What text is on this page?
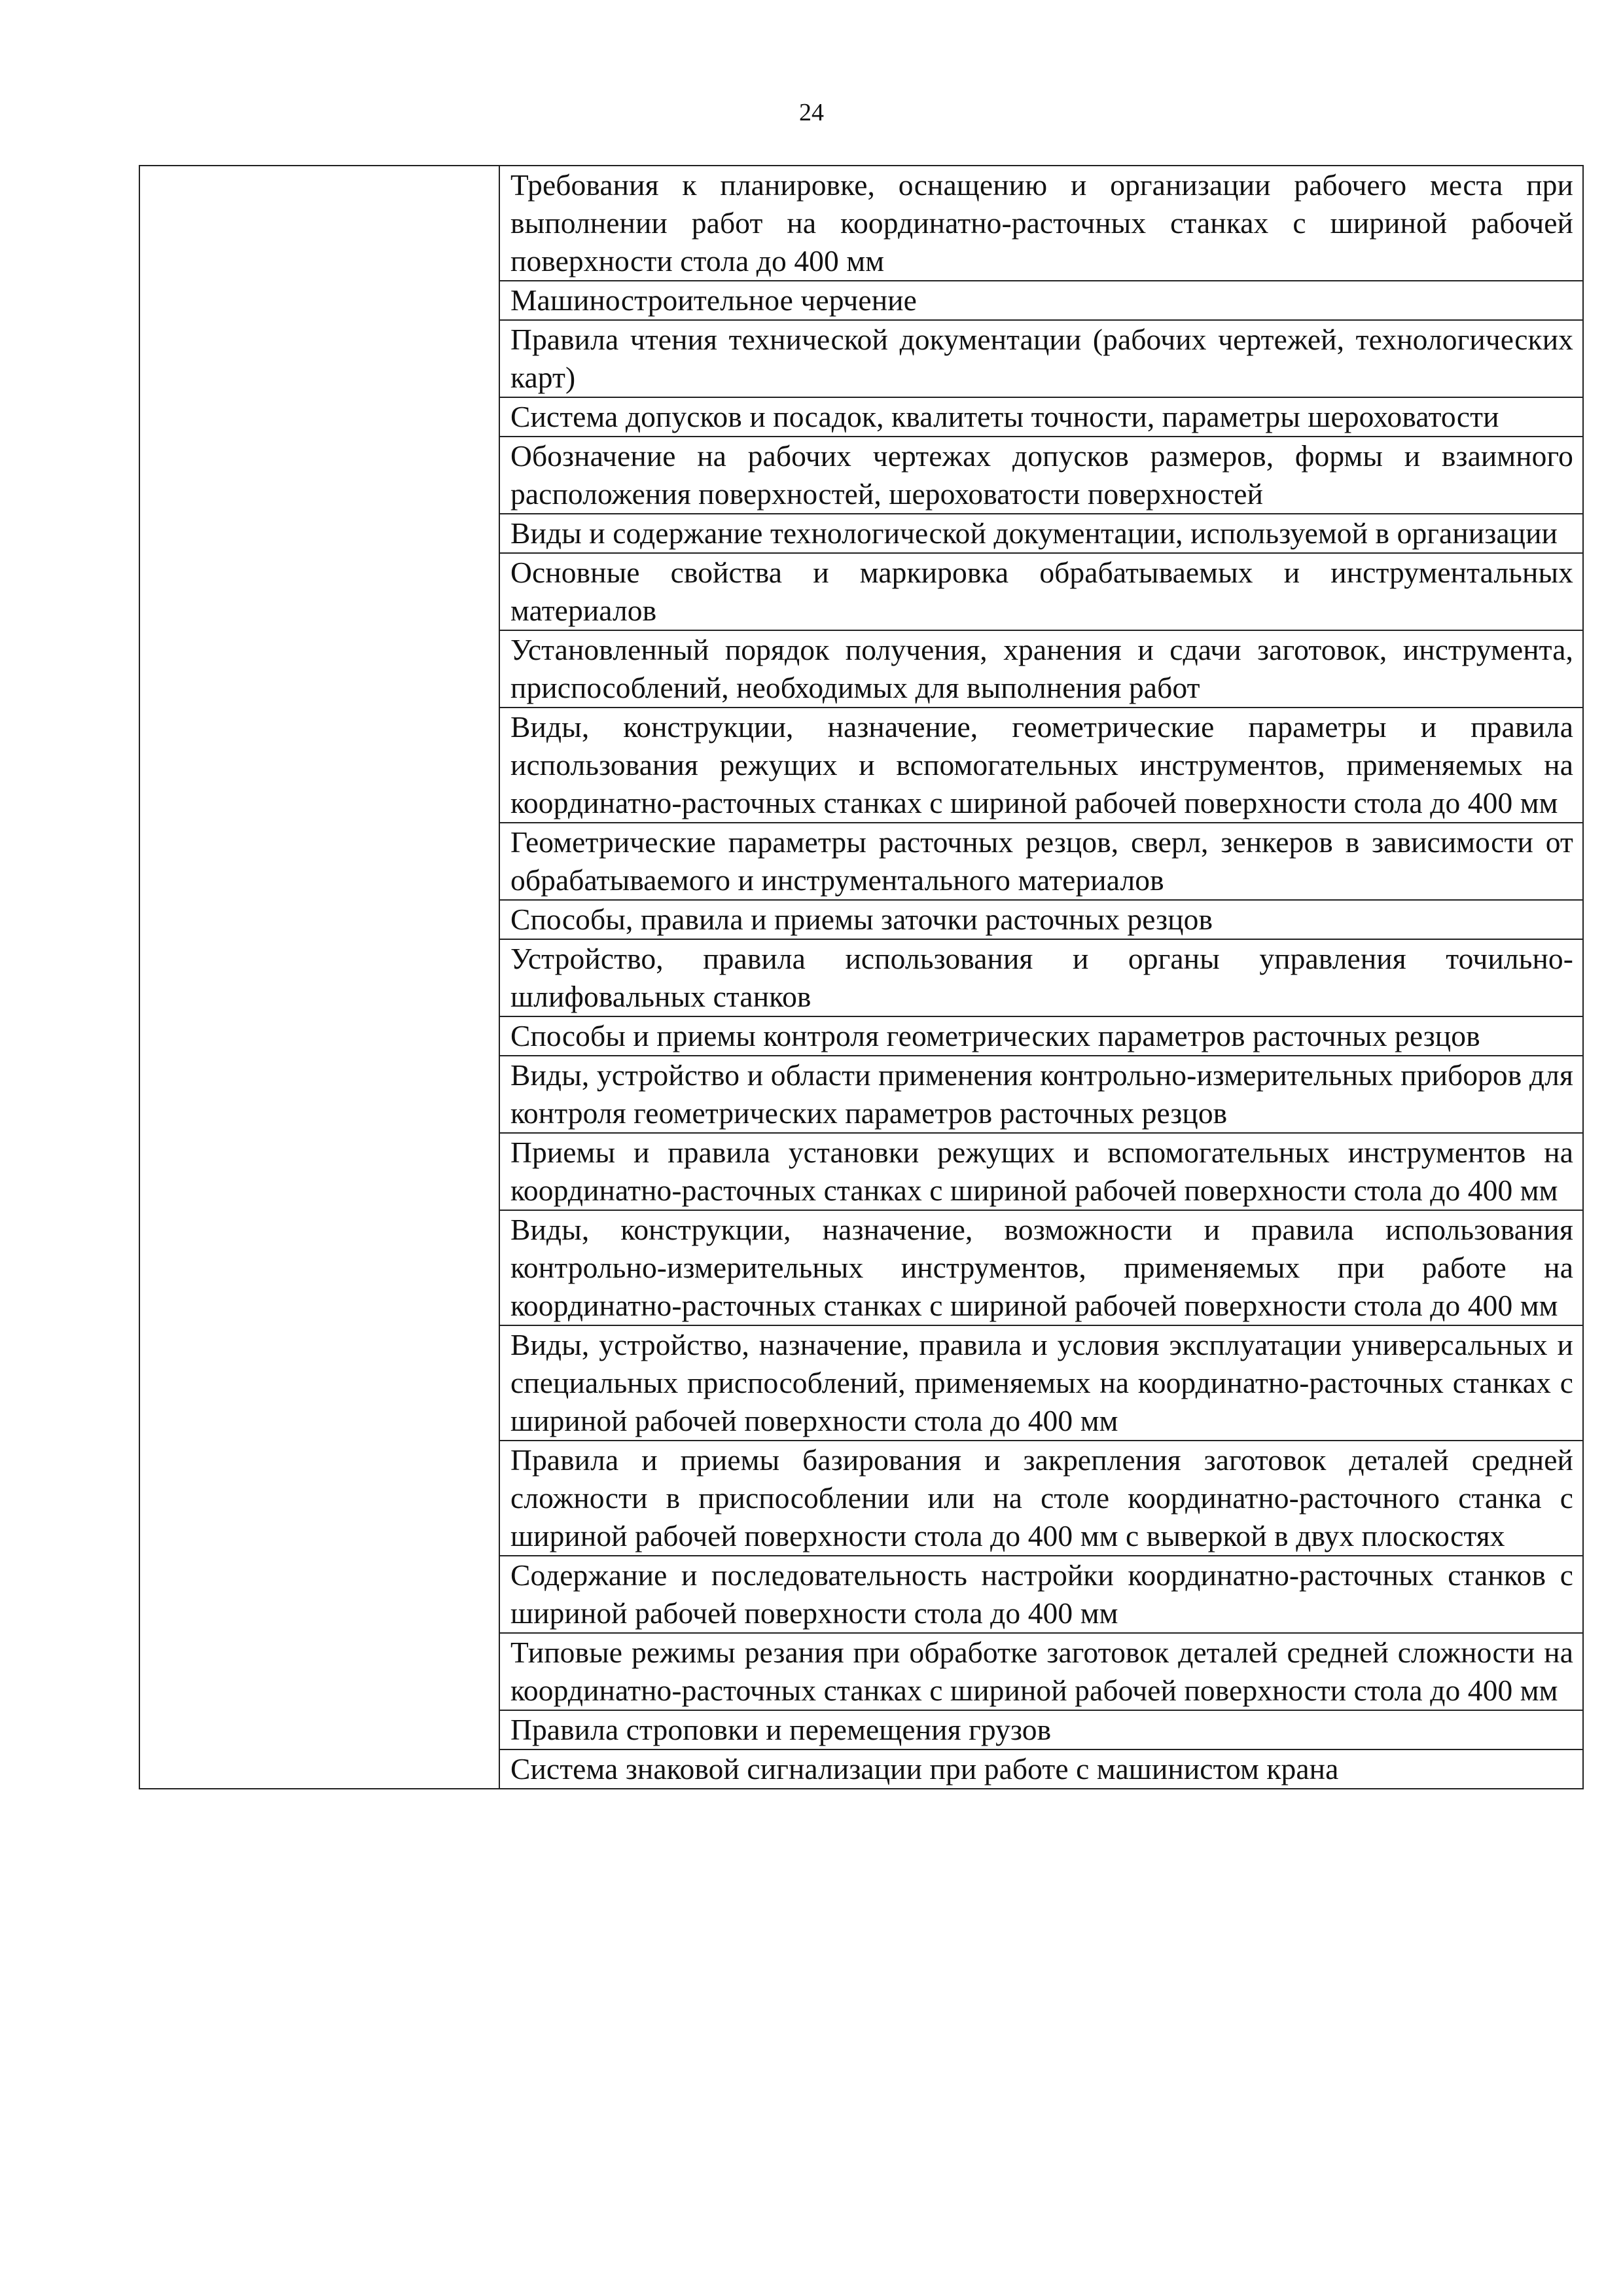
24

Требования к планировке, оснащению и организации рабочего места при выполнении работ на координатно-расточных станках с шириной рабочей поверхности стола до 400 мм

Машиностроительное черчение

Правила чтения технической документации (рабочих чертежей, технологических карт)

Система допусков и посадок, квалитеты точности, параметры шероховатости

Обозначение на рабочих чертежах допусков размеров, формы и взаимного расположения поверхностей, шероховатости поверхностей

Виды и содержание технологической документации, используемой в организации

Основные свойства и маркировка обрабатываемых и инструментальных материалов

Установленный порядок получения, хранения и сдачи заготовок, инструмента, приспособлений, необходимых для выполнения работ

Виды, конструкции, назначение, геометрические параметры и правила использования режущих и вспомогательных инструментов, применяемых на координатно-расточных станках с шириной рабочей поверхности стола до 400 мм

Геометрические параметры расточных резцов, сверл, зенкеров в зависимости от обрабатываемого и инструментального материалов

Способы, правила и приемы заточки расточных резцов

Устройство, правила использования и органы управления точильно-шлифовальных станков

Способы и приемы контроля геометрических параметров расточных резцов

Виды, устройство и области применения контрольно-измерительных приборов для контроля геометрических параметров расточных резцов

Приемы и правила установки режущих и вспомогательных инструментов на координатно-расточных станках с шириной рабочей поверхности стола до 400 мм

Виды, конструкции, назначение, возможности и правила использования контрольно-измерительных инструментов, применяемых при работе на координатно-расточных станках с шириной рабочей поверхности стола до 400 мм

Виды, устройство, назначение, правила и условия эксплуатации универсальных и специальных приспособлений, применяемых на координатно-расточных станках с шириной рабочей поверхности стола до 400 мм

Правила и приемы базирования и закрепления заготовок деталей средней сложности в приспособлении или на столе координатно-расточного станка с шириной рабочей поверхности стола до 400 мм с выверкой в двух плоскостях

Содержание и последовательность настройки координатно-расточных станков с шириной рабочей поверхности стола до 400 мм

Типовые режимы резания при обработке заготовок деталей средней сложности на координатно-расточных станках с шириной рабочей поверхности стола до 400 мм

Правила строповки и перемещения грузов

Система знаковой сигнализации при работе с машинистом крана
